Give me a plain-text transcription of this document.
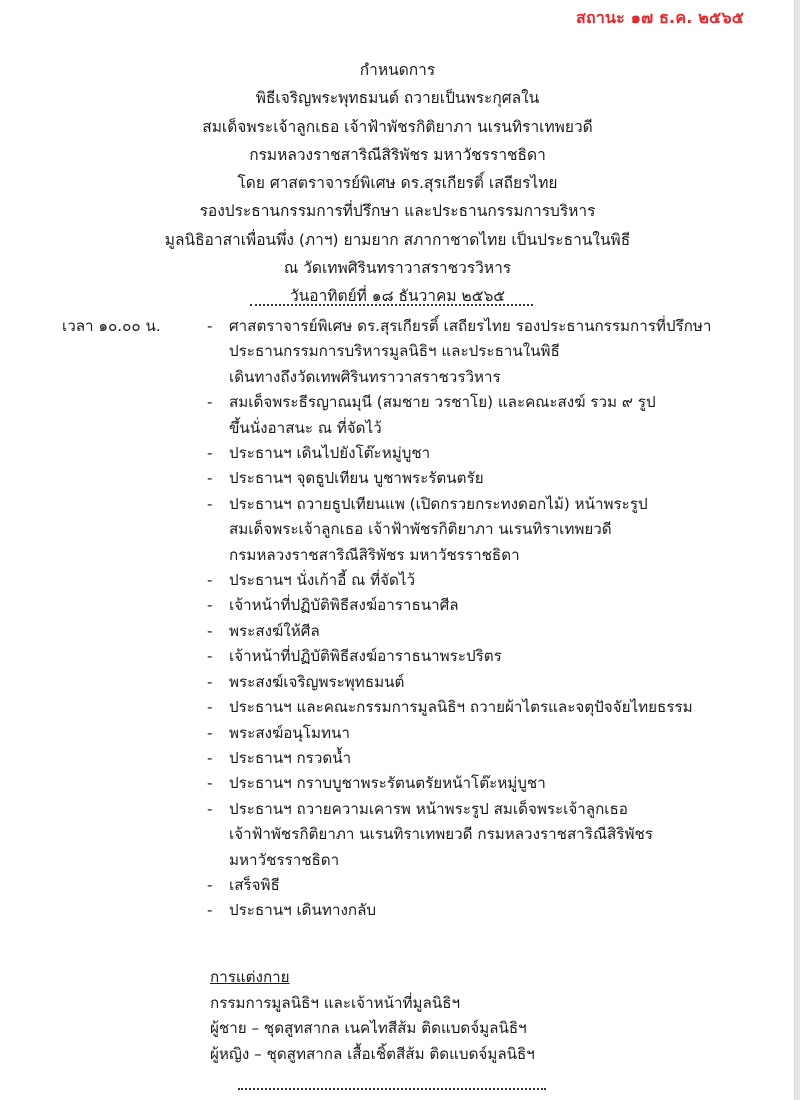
สถานะ ๑๗ ธ.ค. ๒๕๖๕
กำหนดการ
พิธีเจริญพระพุทธมนต์ ถวายเป็นพระกุศลใน
สมเด็จพระเจ้าลูกเธอ เจ้าฟ้าพัชรกิติยาภา นเรนทิราเทพยวดี
กรมหลวงราชสาริณีสิริพัชร มหาวัชรราชธิดา
โดย ศาสตราจารย์พิเศษ ดร.สุรเกียรติ์ เสถียรไทย
รองประธานกรรมการที่ปรึกษา และประธานกรรมการบริหาร
มูลนิธิอาสาเพื่อนพึ่ง (ภาฯ) ยามยาก สภากาชาดไทย เป็นประธานในพิธี
ณ วัดเทพศิรินทราวาสราชวรวิหาร
วันอาทิตย์ที่ ๑๘ ธันวาคม ๒๕๖๕
เวลา ๑๐.๐๐ น.	- ศาสตราจารย์พิเศษ ดร.สุรเกียรติ์ เสถียรไทย รองประธานกรรมการที่ปรึกษา
ประธานกรรมการบริหารมูลนิธิฯ และประธานในพิธี
เดินทางถึงวัดเทพศิรินทราวาสราชวรวิหาร
- สมเด็จพระธีรญาณมุนี (สมชาย วรชาโย) และคณะสงฆ์ รวม ๙ รูป
ขึ้นนั่งอาสนะ ณ ที่จัดไว้
- ประธานฯ เดินไปยังโต๊ะหมู่บูชา
- ประธานฯ จุดธูปเทียน บูชาพระรัตนตรัย
- ประธานฯ ถวายธูปเทียนแพ (เปิดกรวยกระทงดอกไม้) หน้าพระรูป
สมเด็จพระเจ้าลูกเธอ เจ้าฟ้าพัชรกิติยาภา นเรนทิราเทพยวดี
กรมหลวงราชสาริณีสิริพัชร มหาวัชรราชธิดา
- ประธานฯ นั่งเก้าอี้ ณ ที่จัดไว้
- เจ้าหน้าที่ปฏิบัติพิธีสงฆ์อาราธนาศีล
- พระสงฆ์ให้ศีล
- เจ้าหน้าที่ปฏิบัติพิธีสงฆ์อาราธนาพระปริตร
- พระสงฆ์เจริญพระพุทธมนต์
- ประธานฯ และคณะกรรมการมูลนิธิฯ ถวายผ้าไตรและจตุปัจจัยไทยธรรม
- พระสงฆ์อนุโมทนา
- ประธานฯ กรวดน้ำ
- ประธานฯ กราบบูชาพระรัตนตรัยหน้าโต๊ะหมู่บูชา
- ประธานฯ ถวายความเคารพ หน้าพระรูป สมเด็จพระเจ้าลูกเธอ
เจ้าฟ้าพัชรกิติยาภา นเรนทิราเทพยวดี กรมหลวงราชสาริณีสิริพัชร
มหาวัชรราชธิดา
- เสร็จพิธี
- ประธานฯ เดินทางกลับ
การแต่งกาย
กรรมการมูลนิธิฯ และเจ้าหน้าที่มูลนิธิฯ
ผู้ชาย – ชุดสูทสากล เนคไทสีส้ม ติดแบดจ์มูลนิธิฯ
ผู้หญิง – ชุดสูทสากล เสื้อเชิ้ตสีส้ม ติดแบดจ์มูลนิธิฯ
